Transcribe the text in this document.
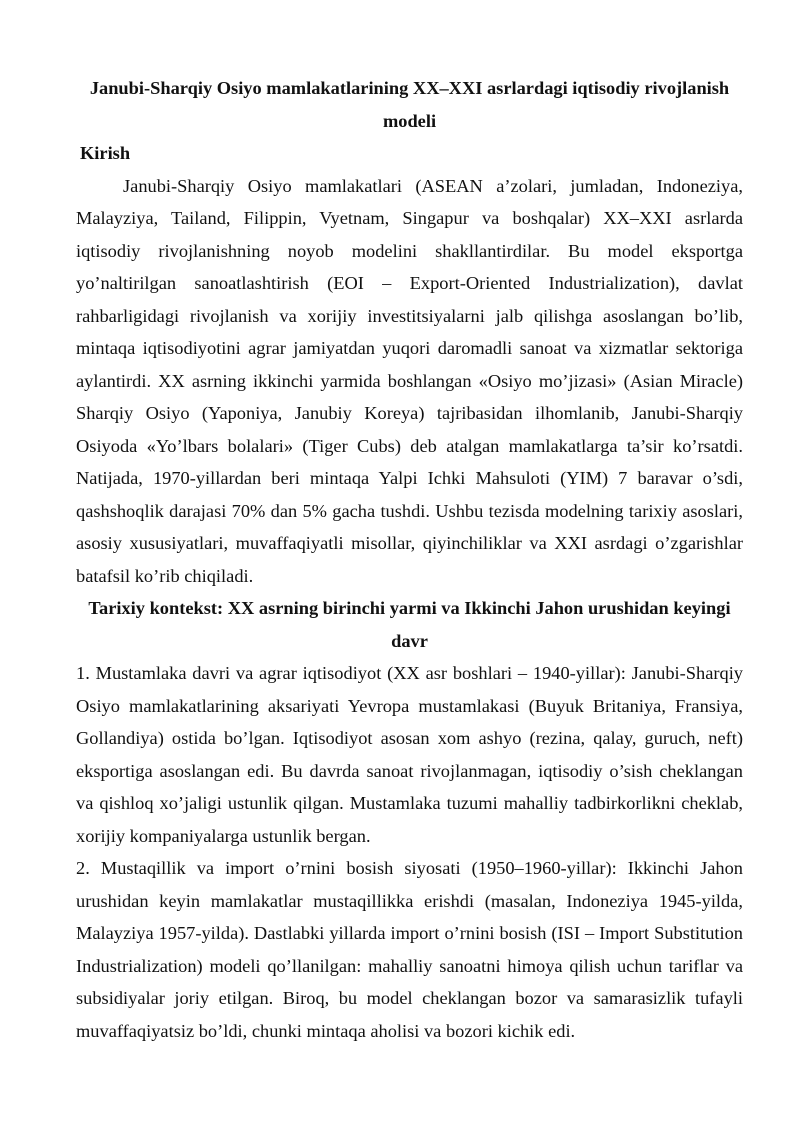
Janubi-Sharqiy Osiyo mamlakatlarining XX–XXI asrlardagi iqtisodiy rivojlanish modeli

Kirish

Janubi-Sharqiy Osiyo mamlakatlari (ASEAN a’zolari, jumladan, Indoneziya, Malayziya, Tailand, Filippin, Vyetnam, Singapur va boshqalar) XX–XXI asrlarda iqtisodiy rivojlanishning noyob modelini shakllantirdilar. Bu model eksportga yo’naltirilgan sanoatlashtirish (EOI – Export-Oriented Industrialization), davlat rahbarligidagi rivojlanish va xorijiy investitsiyalarni jalb qilishga asoslangan bo’lib, mintaqa iqtisodiyotini agrar jamiyatdan yuqori daromadli sanoat va xizmatlar sektoriga aylantirdi. XX asrning ikkinchi yarmida boshlangan «Osiyo mo’jizasi» (Asian Miracle) Sharqiy Osiyo (Yaponiya, Janubiy Koreya) tajribasidan ilhomlanib, Janubi-Sharqiy Osiyoda «Yo’lbars bolalari» (Tiger Cubs) deb atalgan mamlakatlarga ta’sir ko’rsatdi. Natijada, 1970-yillardan beri mintaqa Yalpi Ichki Mahsuloti (YIM) 7 baravar o’sdi, qashshoqlik darajasi 70% dan 5% gacha tushdi. Ushbu tezisda modelning tarixiy asoslari, asosiy xususiyatlari, muvaffaqiyatli misollar, qiyinchiliklar va XXI asrdagi o’zgarishlar batafsil ko’rib chiqiladi.

Tarixiy kontekst: XX asrning birinchi yarmi va Ikkinchi Jahon urushidan keyingi davr

1. Mustamlaka davri va agrar iqtisodiyot (XX asr boshlari – 1940-yillar): Janubi-Sharqiy Osiyo mamlakatlarining aksariyati Yevropa mustamlakasi (Buyuk Britaniya, Fransiya, Gollandiya) ostida bo’lgan. Iqtisodiyot asosan xom ashyo (rezina, qalay, guruch, neft) eksportiga asoslangan edi. Bu davrda sanoat rivojlanmagan, iqtisodiy o’sish cheklangan va qishloq xo’jaligi ustunlik qilgan. Mustamlaka tuzumi mahalliy tadbirkorlikni cheklab, xorijiy kompaniyalarga ustunlik bergan.

2. Mustaqillik va import o’rnini bosish siyosati (1950–1960-yillar): Ikkinchi Jahon urushidan keyin mamlakatlar mustaqillikka erishdi (masalan, Indoneziya 1945-yilda, Malayziya 1957-yilda). Dastlabki yillarda import o’rnini bosish (ISI – Import Substitution Industrialization) modeli qo’llanilgan: mahalliy sanoatni himoya qilish uchun tariflar va subsidiyalar joriy etilgan. Biroq, bu model cheklangan bozor va samarasizlik tufayli muvaffaqiyatsiz bo’ldi, chunki mintaqa aholisi va bozori kichik edi.
